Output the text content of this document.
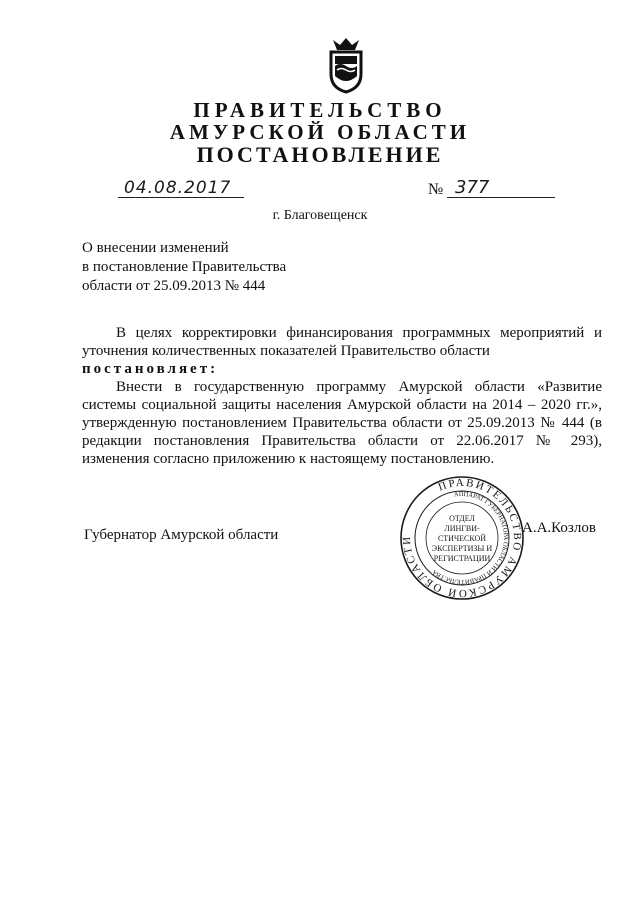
ПРАВИТЕЛЬСТВО
АМУРСКОЙ ОБЛАСТИ
ПОСТАНОВЛЕНИЕ
04.08.2017	№ 377
г. Благовещенск
О внесении изменений
в постановление Правительства
области от 25.09.2013 № 444

В целях корректировки финансирования программных мероприятий и уточнения количественных показателей Правительство области

постановляет:

Внести в государственную программу Амурской области «Развитие системы социальной защиты населения Амурской области на 2014 – 2020 гг.», утвержденную постановлением Правительства области от 25.09.2013 № 444 (в редакции постановления Правительства области от 22.06.2017 № 293), изменения согласно приложению к настоящему постановлению.

Губернатор Амурской области	А.А.Козлов
ПРАВИТЕЛЬСТВО АМУРСКОЙ ОБЛАСТИ
АППАРАТ ГУБЕРНАТОРА ОБЛАСТИ И ПРАВИТЕЛЬСТВА
ОТДЕЛ
ЛИНГВИ-
СТИЧЕСКОЙ
ЭКСПЕРТИЗЫ И
РЕГИСТРАЦИИ
